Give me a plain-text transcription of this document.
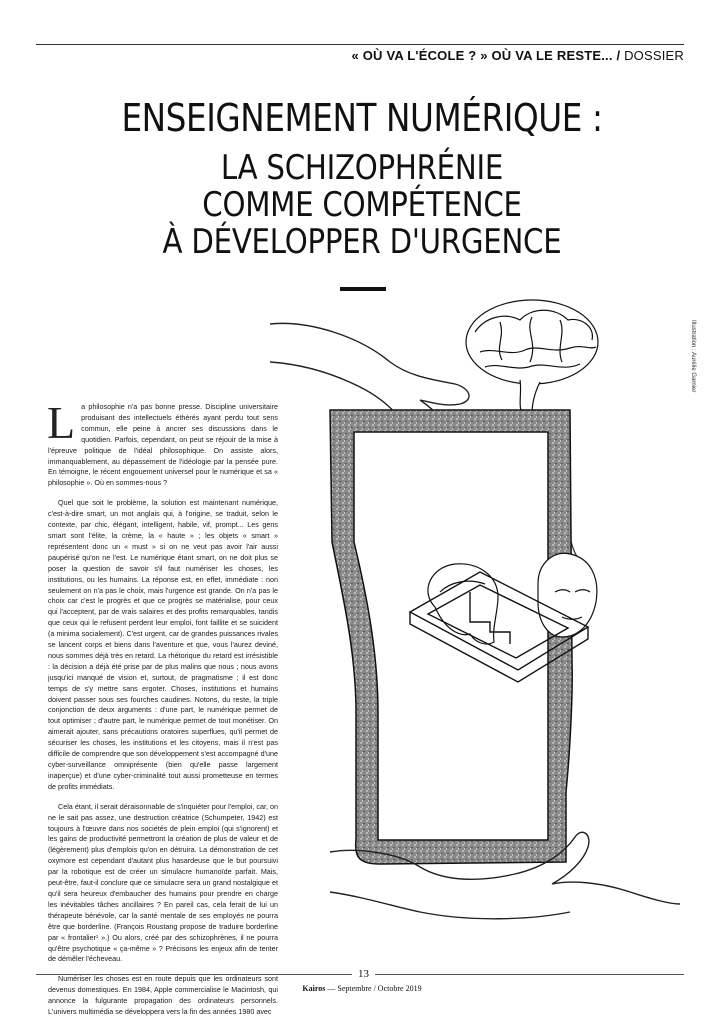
« OÙ VA L'ÉCOLE ? » OÙ VA LE RESTE... / DOSSIER
ENSEIGNEMENT NUMÉRIQUE :
LA SCHIZOPHRÉNIE
COMME COMPÉTENCE
À DÉVELOPPER D'URGENCE
Illustration : Aurélie Garnier

La philosophie n'a pas bonne presse. Discipline universitaire produisant des intellectuels éthérés ayant perdu tout sens commun, elle peine à ancrer ses discussions dans le quotidien. Parfois, cependant, on peut se réjouir de la mise à l'épreuve politique de l'idéal philosophique. On assiste alors, immanquablement, au dépassement de l'idéologie par la pensée pure. En témoigne, le récent engouement universel pour le numérique et sa « philosophie ». Où en sommes-nous ?

Quel que soit le problème, la solution est maintenant numérique, c'est-à-dire smart, un mot anglais qui, à l'origine, se traduit, selon le contexte, par chic, élégant, intelligent, habile, vif, prompt... Les gens smart sont l'élite, la crème, la « haute » ; les objets « smart » représentent donc un « must » si on ne veut pas avoir l'air aussi paupérisé qu'on ne l'est. Le numérique étant smart, on ne doit plus se poser la question de savoir s'il faut numériser les choses, les institutions, ou les humains. La réponse est, en effet, immédiate : non seulement on n'a pas le choix, mais l'urgence est grande. On n'a pas le choix car c'est le progrès et que ce progrès se matérialise, pour ceux qui l'acceptent, par de vrais salaires et des profits remarquables, tandis que ceux qui le refusent perdent leur emploi, font faillite et se suicident (a minima socialement). C'est urgent, car de grandes puissances rivales se lancent corps et biens dans l'aventure et que, vous l'aurez deviné, nous sommes déjà très en retard. La rhétorique du retard est irrésistible : la décision a déjà été prise par de plus malins que nous ; nous avons jusqu'ici manqué de vision et, surtout, de pragmatisme ; il est donc temps de s'y mettre sans ergoter. Choses, institutions et humains doivent passer sous ses fourches caudines. Notons, du reste, la triple conjonction de deux arguments : d'une part, le numérique permet de tout optimiser ; d'autre part, le numérique permet de tout monétiser. On aimerait ajouter, sans précautions oratoires superflues, qu'il permet de sécuriser les choses, les institutions et les citoyens, mais il n'est pas difficile de comprendre que son développement s'est accompagné d'une cyber-surveillance omniprésente (bien qu'elle passe largement inaperçue) et d'une cyber-criminalité tout aussi prometteuse en termes de profits immédiats.

Cela étant, il serait déraisonnable de s'inquiéter pour l'emploi, car, on ne le sait pas assez, une destruction créatrice (Schumpeter, 1942) est toujours à l'œuvre dans nos sociétés de plein emploi (qui s'ignorent) et les gains de productivité permettront la création de plus de valeur et de (légèrement) plus d'emplois qu'on en détruira. La démonstration de cet oxymore est cependant d'autant plus hasardeuse que le but poursuivi par la robotique est de créer un simulacre humanoïde parfait. Mais, peut-être, faut-il conclure que ce simulacre sera un grand nostalgique et qu'il sera heureux d'embaucher des humains pour prendre en charge les inévitables tâches ancillaires ? En pareil cas, cela ferait de lui un thérapeute bénévole, car la santé mentale de ses employés ne pourra être que borderline. (François Roustang propose de traduire borderline par « frontalier¹ ».) Ou alors, créé par des schizophrènes, il ne pourra qu'être psychotique « ça-même » ? Précisons les enjeux afin de tenter de démêler l'écheveau.

Numériser les choses est en route depuis que les ordinateurs sont devenus domestiques. En 1984, Apple commercialise le Macintosh, qui annonce la fulgurante propagation des ordinateurs personnels. L'univers multimédia se développera vers la fin des années 1980 avec

13
Kairos — Septembre / Octobre 2019
